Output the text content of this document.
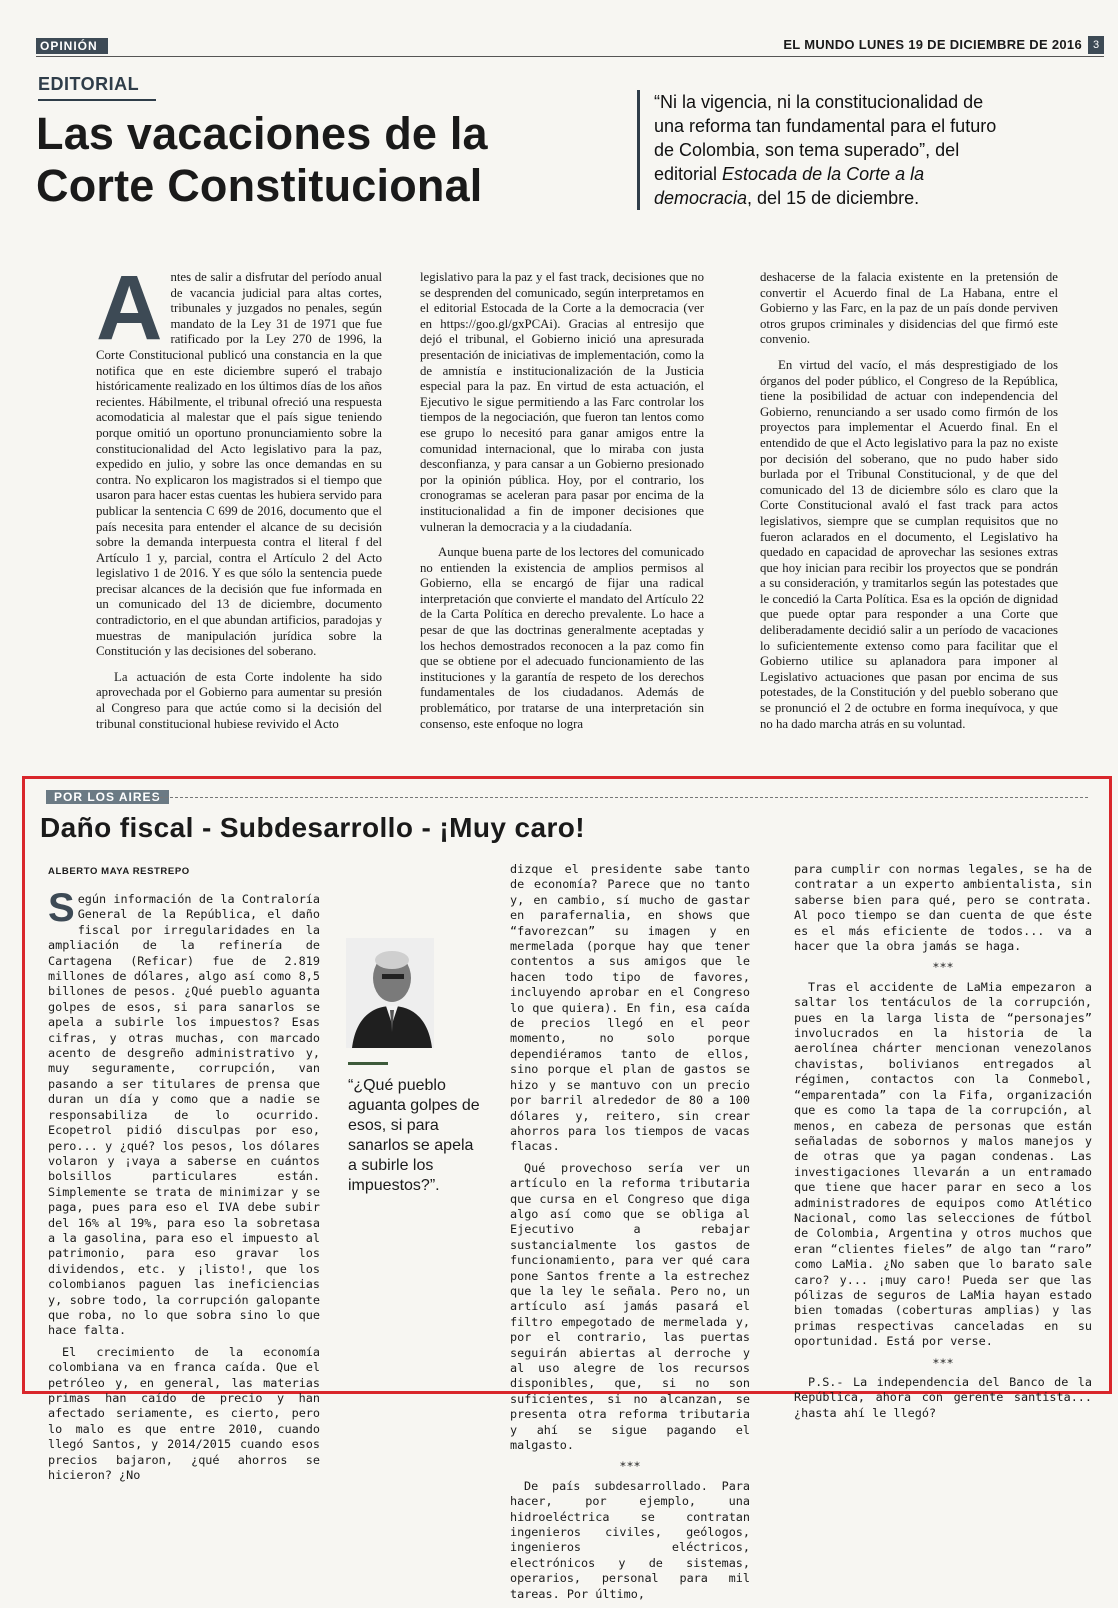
OPINIÓN	EL MUNDO LUNES 19 DE DICIEMBRE DE 2016 3
EDITORIAL
Las vacaciones de la
Corte Constitucional
“Ni la vigencia, ni la constitucionalidad de una reforma tan fundamental para el futuro de Colombia, son tema superado”, del editorial Estocada de la Corte a la democracia, del 15 de diciembre.

Antes de salir a disfrutar del período anual de vacancia judicial para altas cortes, tribunales y juzgados no penales, según mandato de la Ley 31 de 1971 que fue ratificado por la Ley 270 de 1996, la Corte Constitucional publicó una constancia en la que notifica que en este diciembre superó el trabajo históricamente realizado en los últimos días de los años recientes. Hábilmente, el tribunal ofreció una respuesta acomodaticia al malestar que el país sigue teniendo porque omitió un oportuno pronunciamiento sobre la constitucionalidad del Acto legislativo para la paz, expedido en julio, y sobre las once demandas en su contra. No explicaron los magistrados si el tiempo que usaron para hacer estas cuentas les hubiera servido para publicar la sentencia C 699 de 2016, documento que el país necesita para entender el alcance de su decisión sobre la demanda interpuesta contra el literal f del Artículo 1 y, parcial, contra el Artículo 2 del Acto legislativo 1 de 2016. Y es que sólo la sentencia puede precisar alcances de la decisión que fue informada en un comunicado del 13 de diciembre, documento contradictorio, en el que abundan artificios, paradojas y muestras de manipulación jurídica sobre la Constitución y las decisiones del soberano.

La actuación de esta Corte indolente ha sido aprovechada por el Gobierno para aumentar su presión al Congreso para que actúe como si la decisión del tribunal constitucional hubiese revivido el Acto

legislativo para la paz y el fast track, decisiones que no se desprenden del comunicado, según interpretamos en el editorial Estocada de la Corte a la democracia (ver en https://goo.gl/gxPCAi). Gracias al entresijo que dejó el tribunal, el Gobierno inició una apresurada presentación de iniciativas de implementación, como la de amnistía e institucionalización de la Justicia especial para la paz. En virtud de esta actuación, el Ejecutivo le sigue permitiendo a las Farc controlar los tiempos de la negociación, que fueron tan lentos como ese grupo lo necesitó para ganar amigos entre la comunidad internacional, que lo miraba con justa desconfianza, y para cansar a un Gobierno presionado por la opinión pública. Hoy, por el contrario, los cronogramas se aceleran para pasar por encima de la institucionalidad a fin de imponer decisiones que vulneran la democracia y a la ciudadanía.

Aunque buena parte de los lectores del comunicado no entienden la existencia de amplios permisos al Gobierno, ella se encargó de fijar una radical interpretación que convierte el mandato del Artículo 22 de la Carta Política en derecho prevalente. Lo hace a pesar de que las doctrinas generalmente aceptadas y los hechos demostrados reconocen a la paz como fin que se obtiene por el adecuado funcionamiento de las instituciones y la garantía de respeto de los derechos fundamentales de los ciudadanos. Además de problemático, por tratarse de una interpretación sin consenso, este enfoque no logra

deshacerse de la falacia existente en la pretensión de convertir el Acuerdo final de La Habana, entre el Gobierno y las Farc, en la paz de un país donde perviven otros grupos criminales y disidencias del que firmó este convenio.

En virtud del vacío, el más desprestigiado de los órganos del poder público, el Congreso de la República, tiene la posibilidad de actuar con independencia del Gobierno, renunciando a ser usado como firmón de los proyectos para implementar el Acuerdo final. En el entendido de que el Acto legislativo para la paz no existe por decisión del soberano, que no pudo haber sido burlada por el Tribunal Constitucional, y de que del comunicado del 13 de diciembre sólo es claro que la Corte Constitucional avaló el fast track para actos legislativos, siempre que se cumplan requisitos que no fueron aclarados en el documento, el Legislativo ha quedado en capacidad de aprovechar las sesiones extras que hoy inician para recibir los proyectos que se pondrán a su consideración, y tramitarlos según las potestades que le concedió la Carta Política. Esa es la opción de dignidad que puede optar para responder a una Corte que deliberadamente decidió salir a un período de vacaciones lo suficientemente extenso como para facilitar que el Gobierno utilice su aplanadora para imponer al Legislativo actuaciones que pasan por encima de sus potestades, de la Constitución y del pueblo soberano que se pronunció el 2 de octubre en forma inequívoca, y que no ha dado marcha atrás en su voluntad.

POR LOS AIRES
Daño fiscal - Subdesarrollo - ¡Muy caro!
ALBERTO MAYA RESTREPO

Según información de la Contraloría General de la República, el daño fiscal por irregularidades en la ampliación de la refinería de Cartagena (Reficar) fue de 2.819 millones de dólares, algo así como 8,5 billones de pesos. ¿Qué pueblo aguanta golpes de esos, si para sanarlos se apela a subirle los impuestos? Esas cifras, y otras muchas, con marcado acento de desgreño administrativo y, muy seguramente, corrupción, van pasando a ser titulares de prensa que duran un día y como que a nadie se responsabiliza de lo ocurrido. Ecopetrol pidió disculpas por eso, pero... y ¿qué? los pesos, los dólares volaron y ¡vaya a saberse en cuántos bolsillos particulares están. Simplemente se trata de minimizar y se paga, pues para eso el IVA debe subir del 16% al 19%, para eso la sobretasa a la gasolina, para eso el impuesto al patrimonio, para eso gravar los dividendos, etc. y ¡listo!, que los colombianos paguen las ineficiencias y, sobre todo, la corrupción galopante que roba, no lo que sobra sino lo que hace falta.

El crecimiento de la economía colombiana va en franca caída. Que el petróleo y, en general, las materias primas han caído de precio y han afectado seriamente, es cierto, pero lo malo es que entre 2010, cuando llegó Santos, y 2014/2015 cuando esos precios bajaron, ¿qué ahorros se hicieron? ¿No

“¿Qué pueblo aguanta golpes de esos, si para sanarlos se apela a subirle los impuestos?”.

dizque el presidente sabe tanto de economía? Parece que no tanto y, en cambio, sí mucho de gastar en parafernalia, en shows que “favorezcan” su imagen y en mermelada (porque hay que tener contentos a sus amigos que le hacen todo tipo de favores, incluyendo aprobar en el Congreso lo que quiera). En fin, esa caída de precios llegó en el peor momento, no solo porque dependiéramos tanto de ellos, sino porque el plan de gastos se hizo y se mantuvo con un precio por barril alrededor de 80 a 100 dólares y, reitero, sin crear ahorros para los tiempos de vacas flacas.

Qué provechoso sería ver un artículo en la reforma tributaria que cursa en el Congreso que diga algo así como que se obliga al Ejecutivo a rebajar sustancialmente los gastos de funcionamiento, para ver qué cara pone Santos frente a la estrechez que la ley le señala. Pero no, un artículo así jamás pasará el filtro empegotado de mermelada y, por el contrario, las puertas seguirán abiertas al derroche y al uso alegre de los recursos disponibles, que, si no son suficientes, si no alcanzan, se presenta otra reforma tributaria y ahí se sigue pagando el malgasto.

***

De país subdesarrollado. Para hacer, por ejemplo, una hidroeléctrica se contratan ingenieros civiles, geólogos, ingenieros eléctricos, electrónicos y de sistemas, operarios, personal para mil tareas. Por último,

para cumplir con normas legales, se ha de contratar a un experto ambientalista, sin saberse bien para qué, pero se contrata. Al poco tiempo se dan cuenta de que éste es el más eficiente de todos... va a hacer que la obra jamás se haga.

***

Tras el accidente de LaMia empezaron a saltar los tentáculos de la corrupción, pues en la larga lista de “personajes” involucrados en la historia de la aerolínea chárter mencionan venezolanos chavistas, bolivianos entregados al régimen, contactos con la Conmebol, “emparentada” con la Fifa, organización que es como la tapa de la corrupción, al menos, en cabeza de personas que están señaladas de sobornos y malos manejos y de otras que ya pagan condenas. Las investigaciones llevarán a un entramado que tiene que hacer parar en seco a los administradores de equipos como Atlético Nacional, como las selecciones de fútbol de Colombia, Argentina y otros muchos que eran “clientes fieles” de algo tan “raro” como LaMia. ¿No saben que lo barato sale caro? y... ¡muy caro! Pueda ser que las pólizas de seguros de LaMia hayan estado bien tomadas (coberturas amplias) y las primas respectivas canceladas en su oportunidad. Está por verse.

***

P.S.- La independencia del Banco de la República, ahora con gerente santista... ¿hasta ahí le llegó?
